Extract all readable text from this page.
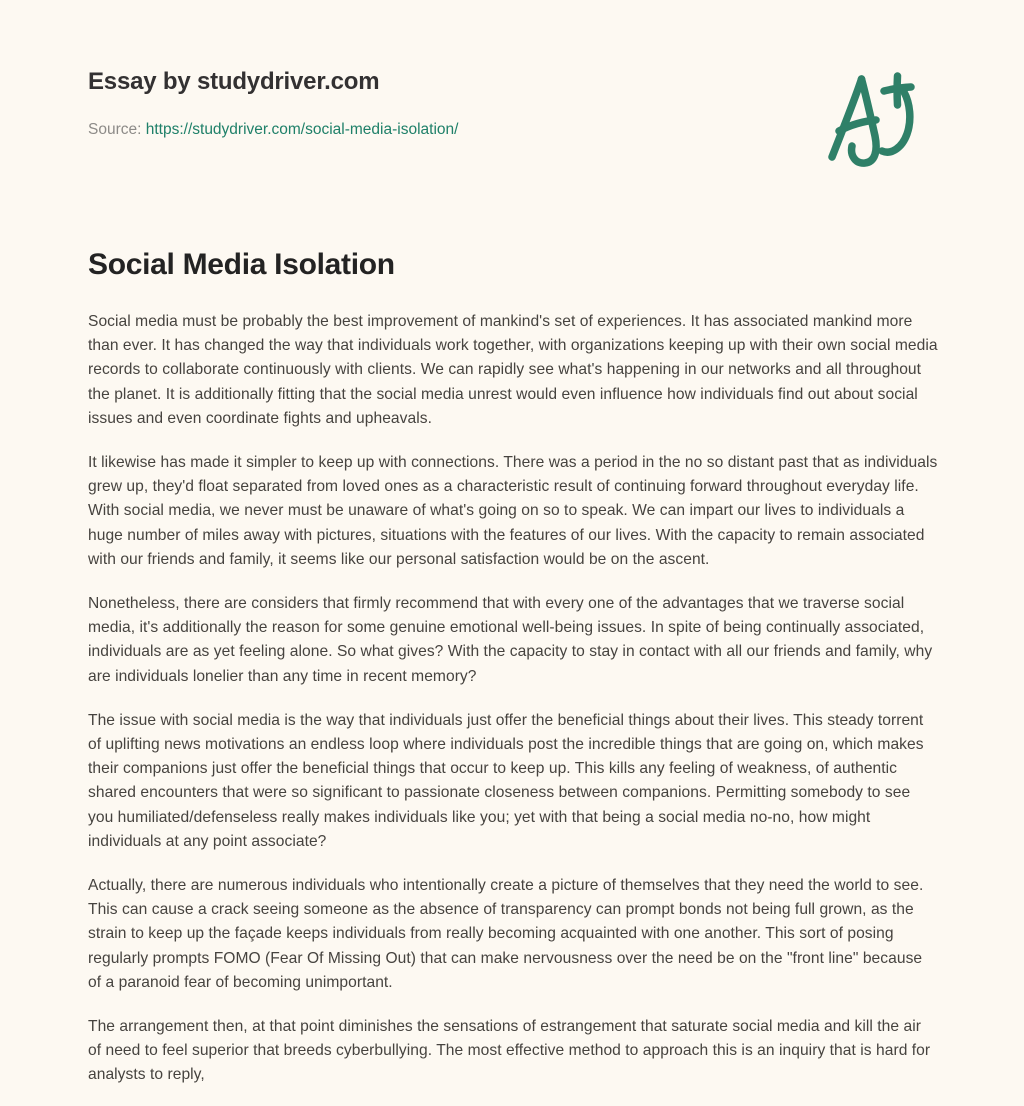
Essay by studydriver.com
Source: https://studydriver.com/social-media-isolation/
Social Media Isolation

Social media must be probably the best improvement of mankind's set of experiences. It has associated mankind more than ever. It has changed the way that individuals work together, with organizations keeping up with their own social media records to collaborate continuously with clients. We can rapidly see what's happening in our networks and all throughout the planet. It is additionally fitting that the social media unrest would even influence how individuals find out about social issues and even coordinate fights and upheavals.

It likewise has made it simpler to keep up with connections. There was a period in the no so distant past that as individuals grew up, they'd float separated from loved ones as a characteristic result of continuing forward throughout everyday life. With social media, we never must be unaware of what's going on so to speak. We can impart our lives to individuals a huge number of miles away with pictures, situations with the features of our lives. With the capacity to remain associated with our friends and family, it seems like our personal satisfaction would be on the ascent.

Nonetheless, there are considers that firmly recommend that with every one of the advantages that we traverse social media, it's additionally the reason for some genuine emotional well-being issues. In spite of being continually associated, individuals are as yet feeling alone. So what gives? With the capacity to stay in contact with all our friends and family, why are individuals lonelier than any time in recent memory?

The issue with social media is the way that individuals just offer the beneficial things about their lives. This steady torrent of uplifting news motivations an endless loop where individuals post the incredible things that are going on, which makes their companions just offer the beneficial things that occur to keep up. This kills any feeling of weakness, of authentic shared encounters that were so significant to passionate closeness between companions. Permitting somebody to see you humiliated/defenseless really makes individuals like you; yet with that being a social media no-no, how might individuals at any point associate?

Actually, there are numerous individuals who intentionally create a picture of themselves that they need the world to see. This can cause a crack seeing someone as the absence of transparency can prompt bonds not being full grown, as the strain to keep up the façade keeps individuals from really becoming acquainted with one another. This sort of posing regularly prompts FOMO (Fear Of Missing Out) that can make nervousness over the need be on the "front line" because of a paranoid fear of becoming unimportant.

The arrangement then, at that point diminishes the sensations of estrangement that saturate social media and kill the air of need to feel superior that breeds cyberbullying. The most effective method to approach this is an inquiry that is hard for analysts to reply,
